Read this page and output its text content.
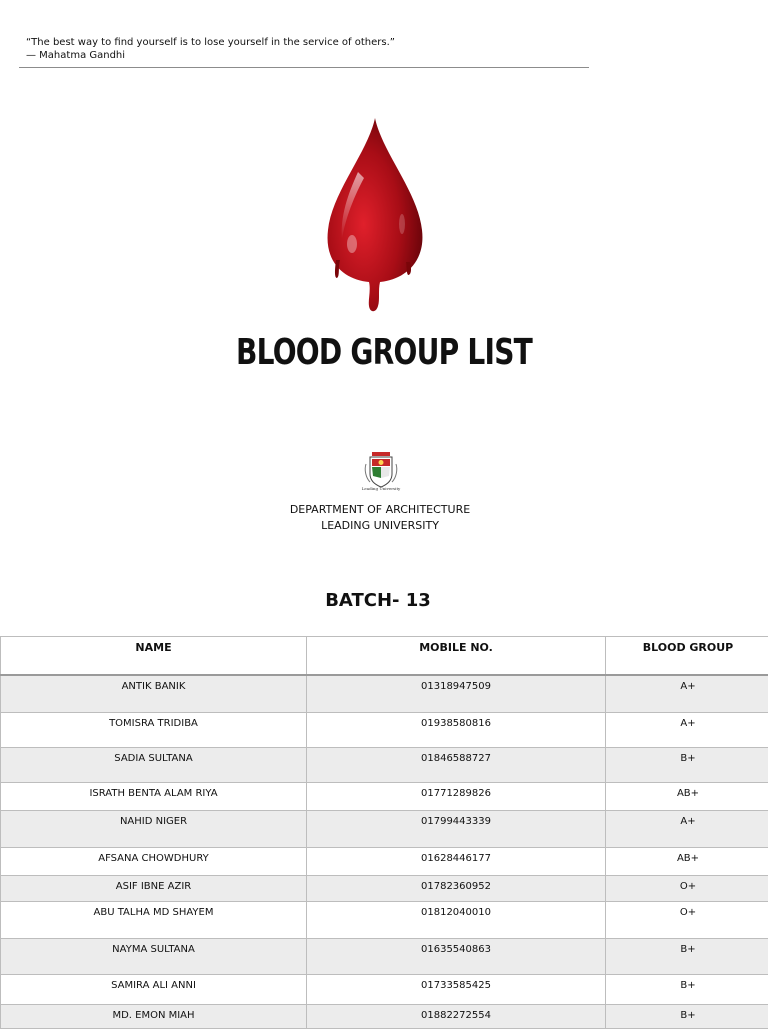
“The best way to find yourself is to lose yourself in the service of others.”
— Mahatma Gandhi
BLOOD GROUP LIST
Leading University
DEPARTMENT OF ARCHITECTURE
LEADING UNIVERSITY
BATCH- 13
NAME	MOBILE NO.	BLOOD GROUP
ANTIK BANIK	01318947509	A+
TOMISRA TRIDIBA	01938580816	A+
SADIA SULTANA	01846588727	B+
ISRATH BENTA ALAM RIYA	01771289826	AB+
NAHID NIGER	01799443339	A+
AFSANA CHOWDHURY	01628446177	AB+
ASIF IBNE AZIR	01782360952	O+
ABU TALHA MD SHAYEM	01812040010	O+
NAYMA SULTANA	01635540863	B+
SAMIRA ALI ANNI	01733585425	B+
MD. EMON MIAH	01882272554	B+
